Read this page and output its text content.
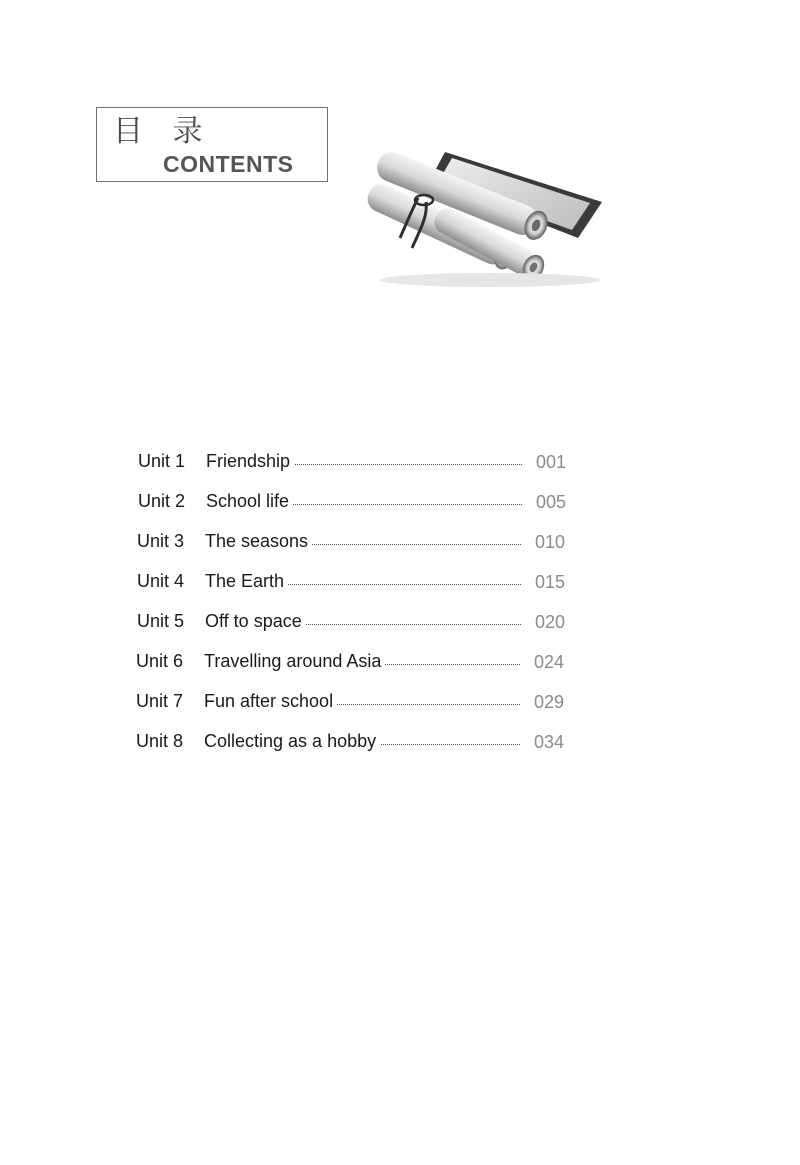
目 录
CONTENTS
Unit 1 Friendship	001
Unit 2 School life	005
Unit 3 The seasons	010
Unit 4 The Earth	015
Unit 5 Off to space	020
Unit 6 Travelling around Asia	024
Unit 7 Fun after school	029
Unit 8 Collecting as a hobby	034
